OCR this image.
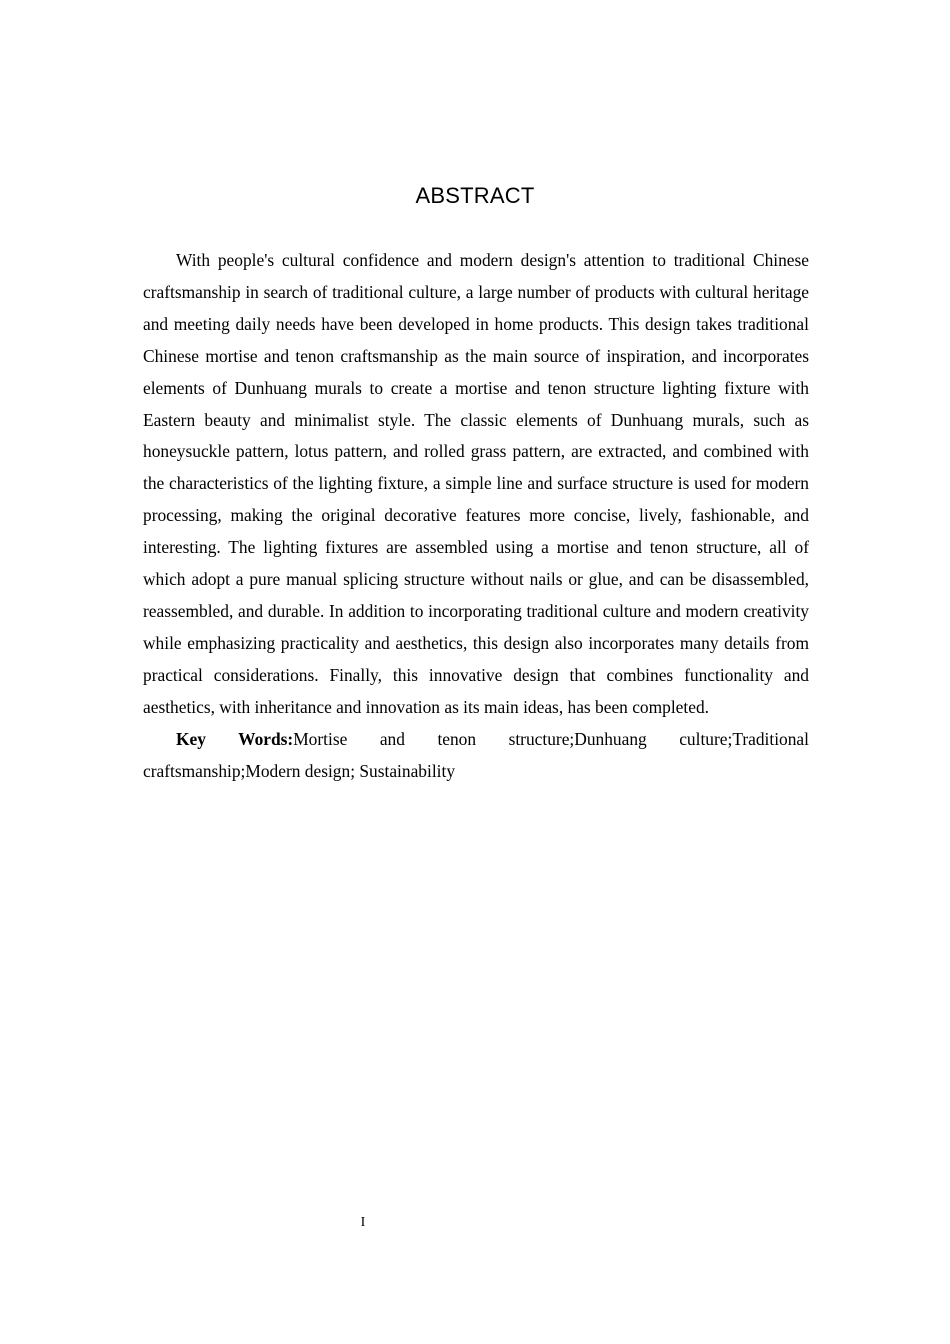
ABSTRACT

With people's cultural confidence and modern design's attention to traditional Chinese craftsmanship in search of traditional culture, a large number of products with cultural heritage and meeting daily needs have been developed in home products. This design takes traditional Chinese mortise and tenon craftsmanship as the main source of inspiration, and incorporates elements of Dunhuang murals to create a mortise and tenon structure lighting fixture with Eastern beauty and minimalist style. The classic elements of Dunhuang murals, such as honeysuckle pattern, lotus pattern, and rolled grass pattern, are extracted, and combined with the characteristics of the lighting fixture, a simple line and surface structure is used for modern processing, making the original decorative features more concise, lively, fashionable, and interesting. The lighting fixtures are assembled using a mortise and tenon structure, all of which adopt a pure manual splicing structure without nails or glue, and can be disassembled, reassembled, and durable. In addition to incorporating traditional culture and modern creativity while emphasizing practicality and aesthetics, this design also incorporates many details from practical considerations. Finally, this innovative design that combines functionality and aesthetics, with inheritance and innovation as its main ideas, has been completed.

Key Words:Mortise and tenon structure;Dunhuang culture;Traditional

craftsmanship;Modern design; Sustainability
I
